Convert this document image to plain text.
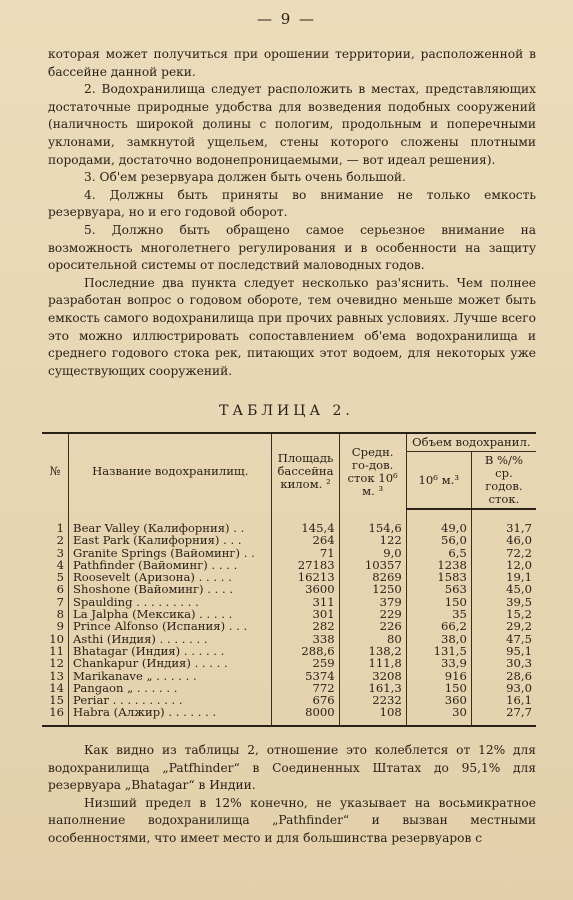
— 9 —

которая может получиться при орошении территории, расположенной в бассейне данной реки.

2. Водохранилища следует расположить в местах, представляющих достаточные природные удобства для возведения подобных сооружений (наличность широкой долины с пологим, продольным и поперечными уклонами, замкнутой ущельем, стены которого сложены плотными породами, достаточно водонепроницаемыми, — вот идеал решения).

3. Об'ем резервуара должен быть очень большой.

4. Должны быть приняты во внимание не только емкость резервуара, но и его годовой оборот.

5. Должно быть обращено самое серьезное внимание на возможность многолетнего регулирования и в особенности на защиту оросительной системы от последствий маловодных годов.

Последние два пункта следует несколько раз'яснить. Чем полнее разработан вопрос о годовом обороте, тем очевидно меньше может быть емкость самого водохранилища при прочих равных условиях. Лучше всего это можно иллюстрировать сопоставлением об'ема водохранилища и среднего годового стока рек, питающих этот водоем, для некоторых уже существующих сооружений.

ТАБЛИЦА 2.
№	Название водохранилищ.	Площадь бассейна килом. ²	Средн. го-дов. сток 10⁶ м. ³	Объем водохранил.	
				10⁶ м.³	В %/% ср. годов. сток.

1	Bear Valley (Калифорния) . .	145,4	154,6	49,0	31,7
2	East Park (Калифорния) . . .	264	122	56,0	46,0
3	Granite Springs (Вайоминг) . .	71	9,0	6,5	72,2
4	Pathfinder (Вайоминг) . . . .	27183	10357	1238	12,0
5	Roosevelt (Аризона) . . . . .	16213	8269	1583	19,1
6	Shoshone (Вайоминг) . . . .	3600	1250	563	45,0
7	Spaulding . . . . . . . . .	311	379	150	39,5
8	La Jalpha (Мексика) . . . . .	301	229	35	15,2
9	Prince Alfonso (Испания) . . .	282	226	66,2	29,2
10	Asthi (Индия) . . . . . . .	338	80	38,0	47,5
11	Bhatagar (Индия) . . . . . .	288,6	138,2	131,5	95,1
12	Chankapur (Индия) . . . . .	259	111,8	33,9	30,3
13	Marikanave „ . . . . . .	5374	3208	916	28,6
14	Pangaon „ . . . . . .	772	161,3	150	93,0
15	Periar . . . . . . . . . .	676	2232	360	16,1
16	Habra (Алжир) . . . . . . .	8000	108	30	27,7

Как видно из таблицы 2, отношение это колеблется от 12% для водохранилища „Patfhinder“ в Соединенных Штатах до 95,1% для резервуара „Bhatagar“ в Индии.

Низший предел в 12% конечно, не указывает на восьмикратное наполнение водохранилища „Pathfinder“ и вызван местными особенностями, что имеет место и для большинства резервуаров с
